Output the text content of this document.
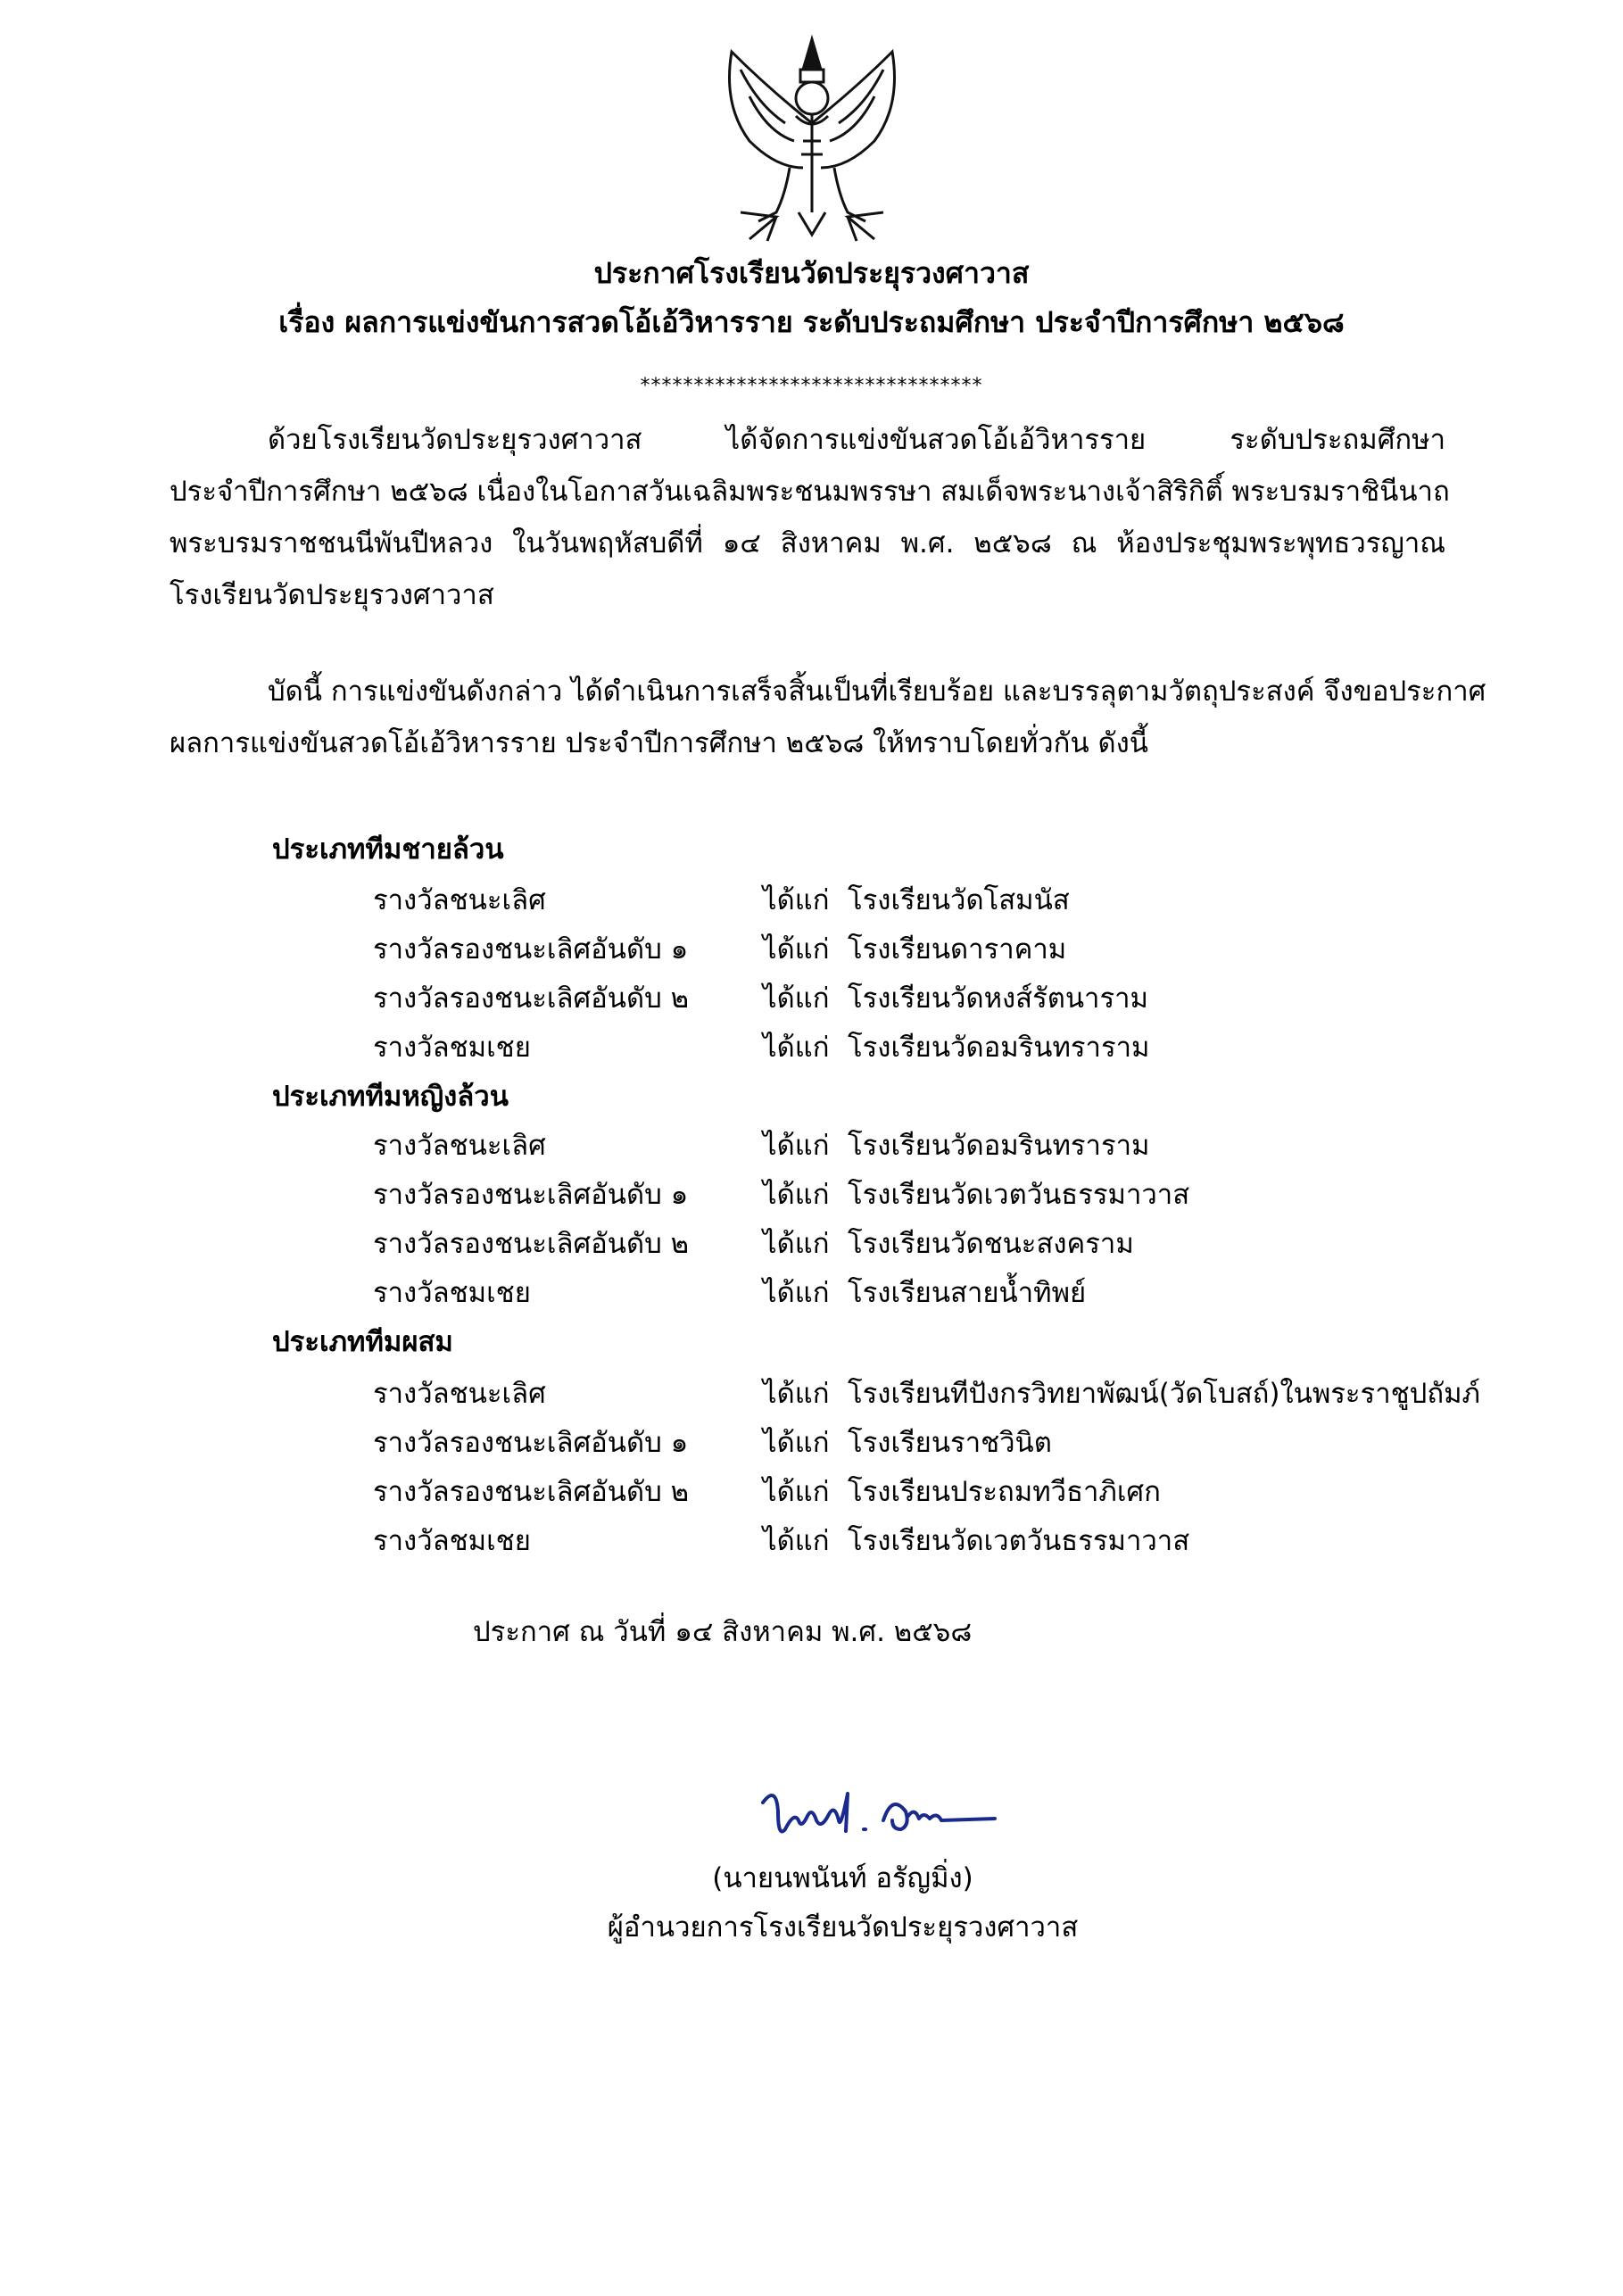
ประกาศโรงเรียนวัดประยุรวงศาวาส
เรื่อง ผลการแข่งขันการสวดโอ้เอ้วิหารราย ระดับประถมศึกษา ประจำปีการศึกษา ๒๕๖๘
********************************
ด้วยโรงเรียนวัดประยุรวงศาวาส ได้จัดการแข่งขันสวดโอ้เอ้วิหารราย ระดับประถมศึกษา
ประจำปีการศึกษา ๒๕๖๘ เนื่องในโอกาสวันเฉลิมพระชนมพรรษา สมเด็จพระนางเจ้าสิริกิติ์ พระบรมราชินีนาถ
พระบรมราชชนนีพันปีหลวง ในวันพฤหัสบดีที่ ๑๔ สิงหาคม พ.ศ. ๒๕๖๘ ณ ห้องประชุมพระพุทธวรญาณ
โรงเรียนวัดประยุรวงศาวาส
บัดนี้ การแข่งขันดังกล่าว ได้ดำเนินการเสร็จสิ้นเป็นที่เรียบร้อย และบรรลุตามวัตถุประสงค์ จึงขอประกาศ
ผลการแข่งขันสวดโอ้เอ้วิหารราย ประจำปีการศึกษา ๒๕๖๘ ให้ทราบโดยทั่วกัน ดังนี้
ประเภททีมชายล้วน
รางวัลชนะเลิศ	ได้แก่ โรงเรียนวัดโสมนัส
รางวัลรองชนะเลิศอันดับ ๑	ได้แก่ โรงเรียนดาราคาม
รางวัลรองชนะเลิศอันดับ ๒	ได้แก่ โรงเรียนวัดหงส์รัตนาราม
รางวัลชมเชย	ได้แก่ โรงเรียนวัดอมรินทราราม
ประเภททีมหญิงล้วน
รางวัลชนะเลิศ	ได้แก่ โรงเรียนวัดอมรินทราราม
รางวัลรองชนะเลิศอันดับ ๑	ได้แก่ โรงเรียนวัดเวตวันธรรมาวาส
รางวัลรองชนะเลิศอันดับ ๒	ได้แก่ โรงเรียนวัดชนะสงคราม
รางวัลชมเชย	ได้แก่ โรงเรียนสายน้ำทิพย์
ประเภททีมผสม
รางวัลชนะเลิศ	ได้แก่ โรงเรียนทีปังกรวิทยาพัฒน์(วัดโบสถ์)ในพระราชูปถัมภ์
รางวัลรองชนะเลิศอันดับ ๑	ได้แก่ โรงเรียนราชวินิต
รางวัลรองชนะเลิศอันดับ ๒	ได้แก่ โรงเรียนประถมทวีธาภิเศก
รางวัลชมเชย	ได้แก่ โรงเรียนวัดเวตวันธรรมาวาส
ประกาศ ณ วันที่ ๑๔ สิงหาคม พ.ศ. ๒๕๖๘
(นายนพนันท์ อรัญมิ่ง)
ผู้อำนวยการโรงเรียนวัดประยุรวงศาวาส
